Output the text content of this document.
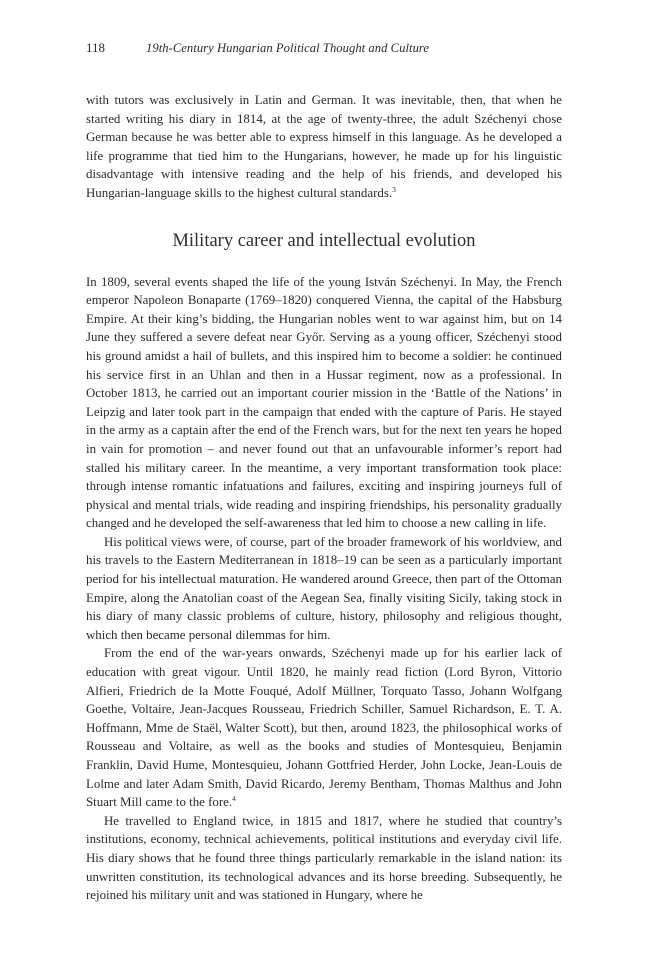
118	19th-Century Hungarian Political Thought and Culture

with tutors was exclusively in Latin and German. It was inevitable, then, that when he started writing his diary in 1814, at the age of twenty-three, the adult Széchenyi chose German because he was better able to express himself in this language. As he developed a life programme that tied him to the Hungarians, however, he made up for his linguistic disadvantage with intensive reading and the help of his friends, and developed his Hungarian-language skills to the highest cultural standards.$^3$

Military career and intellectual evolution

In 1809, several events shaped the life of the young István Széchenyi. In May, the French emperor Napoleon Bonaparte (1769‒1820) conquered Vienna, the capital of the Habsburg Empire. At their king’s bidding, the Hungarian nobles went to war against him, but on 14 June they suffered a severe defeat near Győr. Serving as a young officer, Széchenyi stood his ground amidst a hail of bullets, and this inspired him to become a soldier: he continued his service first in an Uhlan and then in a Hussar regiment, now as a professional. In October 1813, he carried out an important courier mission in the ‘Battle of the Nations’ in Leipzig and later took part in the campaign that ended with the capture of Paris. He stayed in the army as a captain after the end of the French wars, but for the next ten years he hoped in vain for promotion – and never found out that an unfavourable informer’s report had stalled his military career. In the meantime, a very important transformation took place: through intense romantic infatuations and failures, exciting and inspiring journeys full of physical and mental trials, wide reading and inspiring friendships, his personality gradually changed and he developed the self-awareness that led him to choose a new calling in life.

His political views were, of course, part of the broader framework of his worldview, and his travels to the Eastern Mediterranean in 1818‒19 can be seen as a particularly important period for his intellectual maturation. He wandered around Greece, then part of the Ottoman Empire, along the Anatolian coast of the Aegean Sea, finally visiting Sicily, taking stock in his diary of many classic problems of culture, history, philosophy and religious thought, which then became personal dilemmas for him.

From the end of the war-years onwards, Széchenyi made up for his earlier lack of education with great vigour. Until 1820, he mainly read fiction (Lord Byron, Vittorio Alfieri, Friedrich de la Motte Fouqué, Adolf Müllner, Torquato Tasso, Johann Wolfgang Goethe, Voltaire, Jean-Jacques Rousseau, Friedrich Schiller, Samuel Richardson, E. T. A. Hoffmann, Mme de Staël, Walter Scott), but then, around 1823, the philosophical works of Rousseau and Voltaire, as well as the books and studies of Montesquieu, Benjamin Franklin, David Hume, Montesquieu, Johann Gottfried Herder, John Locke, Jean-Louis de Lolme and later Adam Smith, David Ricardo, Jeremy Bentham, Thomas Malthus and John Stuart Mill came to the fore.$^4$

He travelled to England twice, in 1815 and 1817, where he studied that country’s institutions, economy, technical achievements, political institutions and everyday civil life. His diary shows that he found three things particularly remarkable in the island nation: its unwritten constitution, its technological advances and its horse breeding. Subsequently, he rejoined his military unit and was stationed in Hungary, where he
